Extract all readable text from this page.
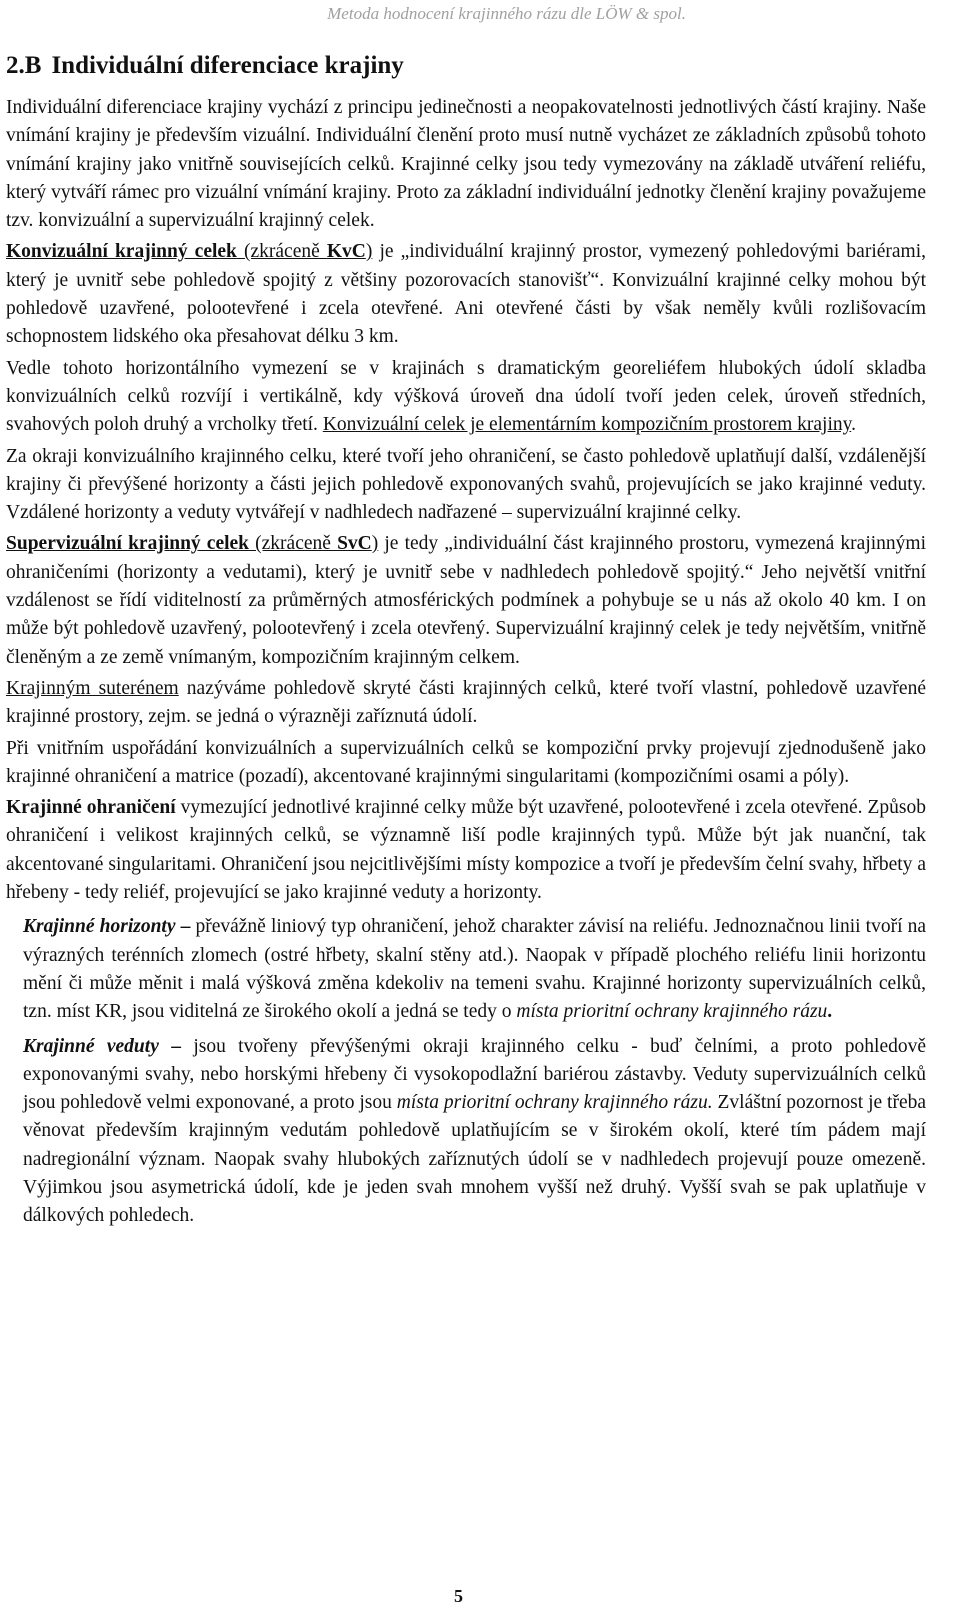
Metoda hodnocení krajinného rázu dle LÖW & spol.
2.B Individuální diferenciace krajiny

Individuální diferenciace krajiny vychází z principu jedinečnosti a neopakovatelnosti jednotlivých částí krajiny. Naše vnímání krajiny je především vizuální. Individuální členění proto musí nutně vycházet ze základních způsobů tohoto vnímání krajiny jako vnitřně souvisejících celků. Krajinné celky jsou tedy vymezovány na základě utváření reliéfu, který vytváří rámec pro vizuální vnímání krajiny. Proto za základní individuální jednotky členění krajiny považujeme tzv. konvizuální a supervizuální krajinný celek.

Konvizuální krajinný celek (zkráceně KvC) je „individuální krajinný prostor, vymezený pohledovými bariérami, který je uvnitř sebe pohledově spojitý z většiny pozorovacích stanovišť“. Konvizuální krajinné celky mohou být pohledově uzavřené, polootevřené i zcela otevřené. Ani otevřené části by však neměly kvůli rozlišovacím schopnostem lidského oka přesahovat délku 3 km.

Vedle tohoto horizontálního vymezení se v krajinách s dramatickým georeliéfem hlubokých údolí skladba konvizuálních celků rozvíjí i vertikálně, kdy výšková úroveň dna údolí tvoří jeden celek, úroveň středních, svahových poloh druhý a vrcholky třetí. Konvizuální celek je elementárním kompozičním prostorem krajiny.

Za okraji konvizuálního krajinného celku, které tvoří jeho ohraničení, se často pohledově uplatňují další, vzdálenější krajiny či převýšené horizonty a části jejich pohledově exponovaných svahů, projevujících se jako krajinné veduty. Vzdálené horizonty a veduty vytvářejí v nadhledech nadřazené – supervizuální krajinné celky.

Supervizuální krajinný celek (zkráceně SvC) je tedy „individuální část krajinného prostoru, vymezená krajinnými ohraničeními (horizonty a vedutami), který je uvnitř sebe v nadhledech pohledově spojitý.“ Jeho největší vnitřní vzdálenost se řídí viditelností za průměrných atmosférických podmínek a pohybuje se u nás až okolo 40 km. I on může být pohledově uzavřený, polootevřený i zcela otevřený. Supervizuální krajinný celek je tedy největším, vnitřně členěným a ze země vnímaným, kompozičním krajinným celkem.

Krajinným suterénem nazýváme pohledově skryté části krajinných celků, které tvoří vlastní, pohledově uzavřené krajinné prostory, zejm. se jedná o výrazněji zaříznutá údolí.

Při vnitřním uspořádání konvizuálních a supervizuálních celků se kompoziční prvky projevují zjednodušeně jako krajinné ohraničení a matrice (pozadí), akcentované krajinnými singularitami (kompozičními osami a póly).

Krajinné ohraničení vymezující jednotlivé krajinné celky může být uzavřené, polootevřené i zcela otevřené. Způsob ohraničení i velikost krajinných celků, se významně liší podle krajinných typů. Může být jak nuanční, tak akcentované singularitami. Ohraničení jsou nejcitlivějšími místy kompozice a tvoří je především čelní svahy, hřbety a hřebeny - tedy reliéf, projevující se jako krajinné veduty a horizonty.

Krajinné horizonty – převážně liniový typ ohraničení, jehož charakter závisí na reliéfu. Jednoznačnou linii tvoří na výrazných terénních zlomech (ostré hřbety, skalní stěny atd.). Naopak v případě plochého reliéfu linii horizontu mění či může měnit i malá výšková změna kdekoliv na temeni svahu. Krajinné horizonty supervizuálních celků, tzn. míst KR, jsou viditelná ze širokého okolí a jedná se tedy o místa prioritní ochrany krajinného rázu.

Krajinné veduty – jsou tvořeny převýšenými okraji krajinného celku - buď čelními, a proto pohledově exponovanými svahy, nebo horskými hřebeny či vysokopodlažní bariérou zástavby. Veduty supervizuálních celků jsou pohledově velmi exponované, a proto jsou místa prioritní ochrany krajinného rázu. Zvláštní pozornost je třeba věnovat především krajinným vedutám pohledově uplatňujícím se v širokém okolí, které tím pádem mají nadregionální význam. Naopak svahy hlubokých zaříznutých údolí se v nadhledech projevují pouze omezeně. Výjimkou jsou asymetrická údolí, kde je jeden svah mnohem vyšší než druhý. Vyšší svah se pak uplatňuje v dálkových pohledech.

5
